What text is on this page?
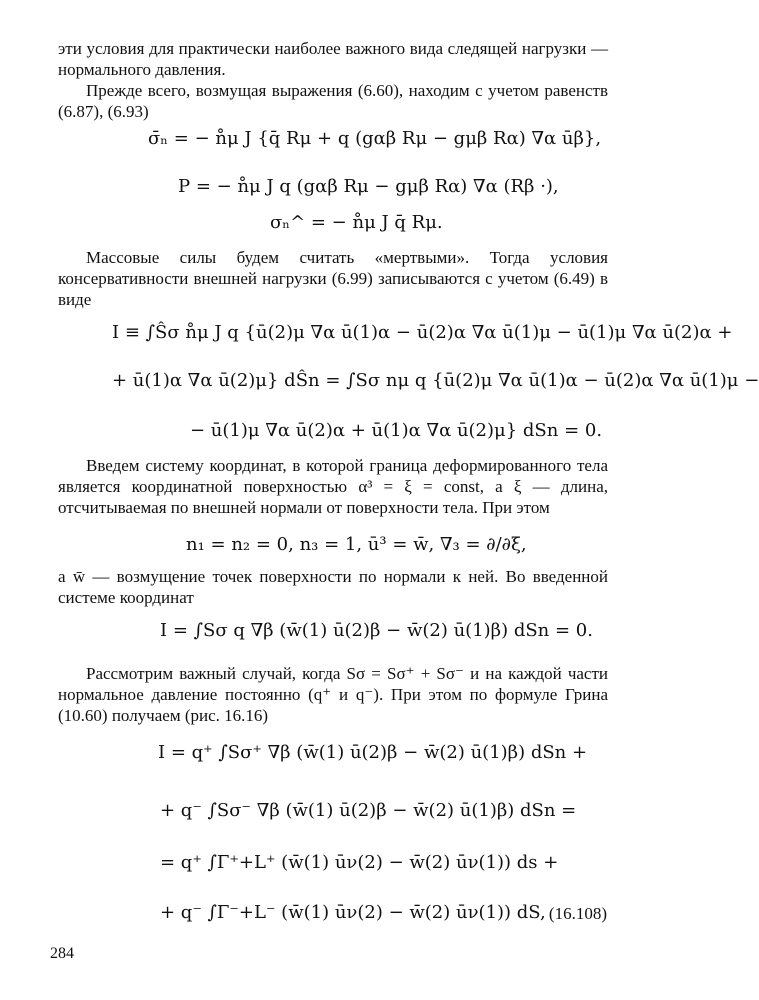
эти условия для практически наиболее важного вида следящей нагрузки — нормального давления.

Прежде всего, возмущая выражения (6.60), находим с учетом равенств (6.87), (6.93)

σ̄ₙ = − n̊μ J {q̄ Rμ + q (gαβ Rμ − gμβ Rα) ∇α ūβ},
P = − n̊μ J q (gαβ Rμ − gμβ Rα) ∇α (Rβ ·),
σₙ^ = − n̊μ J q̄ Rμ.

Массовые силы будем считать «мертвыми». Тогда условия консервативности внешней нагрузки (6.99) записываются с учетом (6.49) в виде

I ≡ ∫Ŝσ n̊μ J q {ū(2)μ ∇α ū(1)α − ū(2)α ∇α ū(1)μ − ū(1)μ ∇α ū(2)α +
+ ū(1)α ∇α ū(2)μ} dŜn = ∫Sσ nμ q {ū(2)μ ∇α ū(1)α − ū(2)α ∇α ū(1)μ −
− ū(1)μ ∇α ū(2)α + ū(1)α ∇α ū(2)μ} dSn = 0.

Введем систему координат, в которой граница деформированного тела является координатной поверхностью α³ = ξ = const, а ξ — длина, отсчитываемая по внешней нормали от поверхности тела. При этом

n₁ = n₂ = 0, n₃ = 1, ū³ = w̄, ∇₃ = ∂/∂ξ,

а w̄ — возмущение точек поверхности по нормали к ней. Во введенной системе координат

I = ∫Sσ q ∇β (w̄(1) ū(2)β − w̄(2) ū(1)β) dSn = 0.

Рассмотрим важный случай, когда Sσ = Sσ⁺ + Sσ⁻ и на каждой части нормальное давление постоянно (q⁺ и q⁻). При этом по формуле Грина (10.60) получаем (рис. 16.16)

I = q⁺ ∫Sσ⁺ ∇β (w̄(1) ū(2)β − w̄(2) ū(1)β) dSn +
+ q⁻ ∫Sσ⁻ ∇β (w̄(1) ū(2)β − w̄(2) ū(1)β) dSn =
= q⁺ ∫Γ⁺+L⁺ (w̄(1) ūν(2) − w̄(2) ūν(1)) ds +
+ q⁻ ∫Γ⁻+L⁻ (w̄(1) ūν(2) − w̄(2) ūν(1)) dS, (16.108)
284
